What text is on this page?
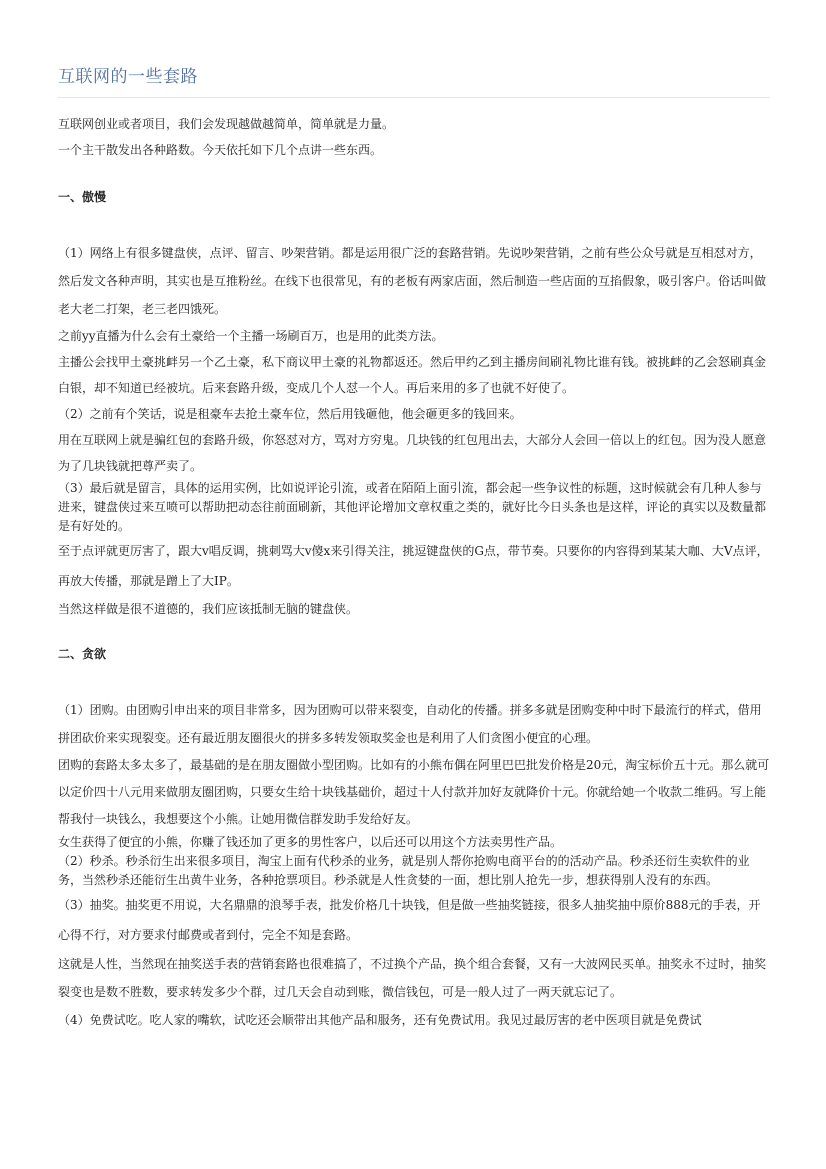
互联网的一些套路

互联网创业或者项目，我们会发现越做越简单，简单就是力量。

一个主干散发出各种路数。今天依托如下几个点讲一些东西。

一、傲慢

（1）网络上有很多键盘侠，点评、留言、吵架营销。都是运用很广泛的套路营销。先说吵架营销，之前有些公众号就是互相怼对方，然后发文各种声明，其实也是互推粉丝。在线下也很常见，有的老板有两家店面，然后制造一些店面的互掐假象，吸引客户。俗话叫做老大老二打架，老三老四饿死。

之前yy直播为什么会有土豪给一个主播一场刷百万，也是用的此类方法。

主播公会找甲土豪挑衅另一个乙土豪，私下商议甲土豪的礼物都返还。然后甲约乙到主播房间刷礼物比谁有钱。被挑衅的乙会怒刷真金白银，却不知道已经被坑。后来套路升级，变成几个人怼一个人。再后来用的多了也就不好使了。

（2）之前有个笑话，说是租豪车去抢土豪车位，然后用钱砸他，他会砸更多的钱回来。

用在互联网上就是骗红包的套路升级，你怒怼对方，骂对方穷鬼。几块钱的红包甩出去，大部分人会回一倍以上的红包。因为没人愿意为了几块钱就把尊严卖了。

（3）最后就是留言，具体的运用实例，比如说评论引流，或者在陌陌上面引流，都会起一些争议性的标题，这时候就会有几种人参与进来，键盘侠过来互喷可以帮助把动态往前面刷新，其他评论增加文章权重之类的，就好比今日头条也是这样，评论的真实以及数量都是有好处的。

至于点评就更厉害了，跟大v唱反调，挑刺骂大v傻x来引得关注，挑逗键盘侠的G点，带节奏。只要你的内容得到某某大咖、大V点评，再放大传播，那就是蹭上了大IP。

当然这样做是很不道德的，我们应该抵制无脑的键盘侠。

二、贪欲

（1）团购。由团购引申出来的项目非常多，因为团购可以带来裂变，自动化的传播。拼多多就是团购变种中时下最流行的样式，借用拼团砍价来实现裂变。还有最近朋友圈很火的拼多多转发领取奖金也是利用了人们贪图小便宜的心理。

团购的套路太多太多了，最基础的是在朋友圈做小型团购。比如有的小熊布偶在阿里巴巴批发价格是20元，淘宝标价五十元。那么就可以定价四十八元用来做朋友圈团购，只要女生给十块钱基础价，超过十人付款并加好友就降价十元。你就给她一个收款二维码。写上能帮我付一块钱么，我想要这个小熊。让她用微信群发助手发给好友。

女生获得了便宜的小熊，你赚了钱还加了更多的男性客户，以后还可以用这个方法卖男性产品。

（2）秒杀。秒杀衍生出来很多项目，淘宝上面有代秒杀的业务，就是别人帮你抢购电商平台的的活动产品。秒杀还衍生卖软件的业务，当然秒杀还能衍生出黄牛业务，各种抢票项目。秒杀就是人性贪婪的一面，想比别人抢先一步，想获得别人没有的东西。

（3）抽奖。抽奖更不用说，大名鼎鼎的浪琴手表，批发价格几十块钱，但是做一些抽奖链接，很多人抽奖抽中原价888元的手表，开心得不行，对方要求付邮费或者到付，完全不知是套路。

这就是人性，当然现在抽奖送手表的营销套路也很难搞了，不过换个产品，换个组合套餐，又有一大波网民买单。抽奖永不过时，抽奖裂变也是数不胜数，要求转发多少个群，过几天会自动到账，微信钱包，可是一般人过了一两天就忘记了。

（4）免费试吃。吃人家的嘴软，试吃还会顺带出其他产品和服务，还有免费试用。我见过最厉害的老中医项目就是免费试
